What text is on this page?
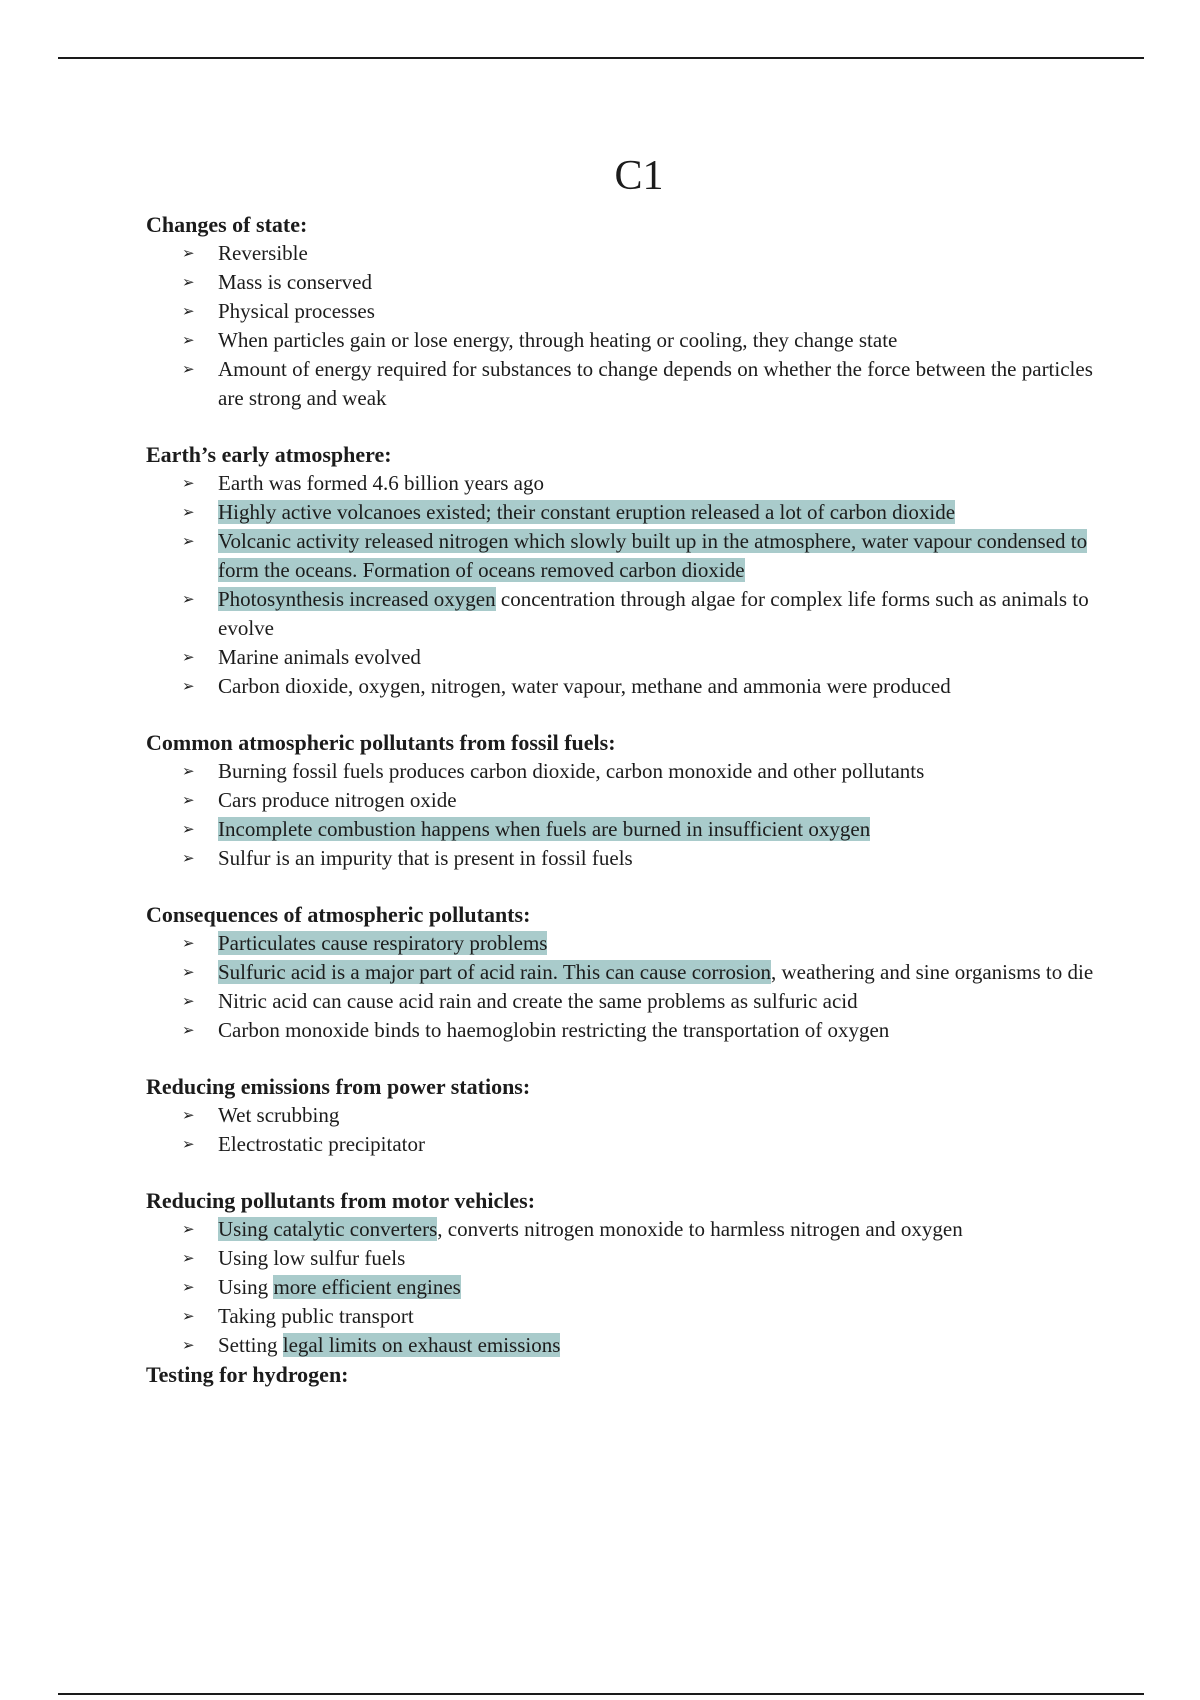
C1
Changes of state:
➢ Reversible
➢ Mass is conserved
➢ Physical processes
➢ When particles gain or lose energy, through heating or cooling, they change state
➢ Amount of energy required for substances to change depends on whether the force between the particles are strong and weak
Earth’s early atmosphere:
➢ Earth was formed 4.6 billion years ago
➢ Highly active volcanoes existed; their constant eruption released a lot of carbon dioxide
➢ Volcanic activity released nitrogen which slowly built up in the atmosphere, water vapour condensed to form the oceans. Formation of oceans removed carbon dioxide
➢ Photosynthesis increased oxygen concentration through algae for complex life forms such as animals to evolve
➢ Marine animals evolved
➢ Carbon dioxide, oxygen, nitrogen, water vapour, methane and ammonia were produced
Common atmospheric pollutants from fossil fuels:
➢ Burning fossil fuels produces carbon dioxide, carbon monoxide and other pollutants
➢ Cars produce nitrogen oxide
➢ Incomplete combustion happens when fuels are burned in insufficient oxygen
➢ Sulfur is an impurity that is present in fossil fuels
Consequences of atmospheric pollutants:
➢ Particulates cause respiratory problems
➢ Sulfuric acid is a major part of acid rain. This can cause corrosion, weathering and sine organisms to die
➢ Nitric acid can cause acid rain and create the same problems as sulfuric acid
➢ Carbon monoxide binds to haemoglobin restricting the transportation of oxygen
Reducing emissions from power stations:
➢ Wet scrubbing
➢ Electrostatic precipitator
Reducing pollutants from motor vehicles:
➢ Using catalytic converters, converts nitrogen monoxide to harmless nitrogen and oxygen
➢ Using low sulfur fuels
➢ Using more efficient engines
➢ Taking public transport
➢ Setting legal limits on exhaust emissions
Testing for hydrogen:
